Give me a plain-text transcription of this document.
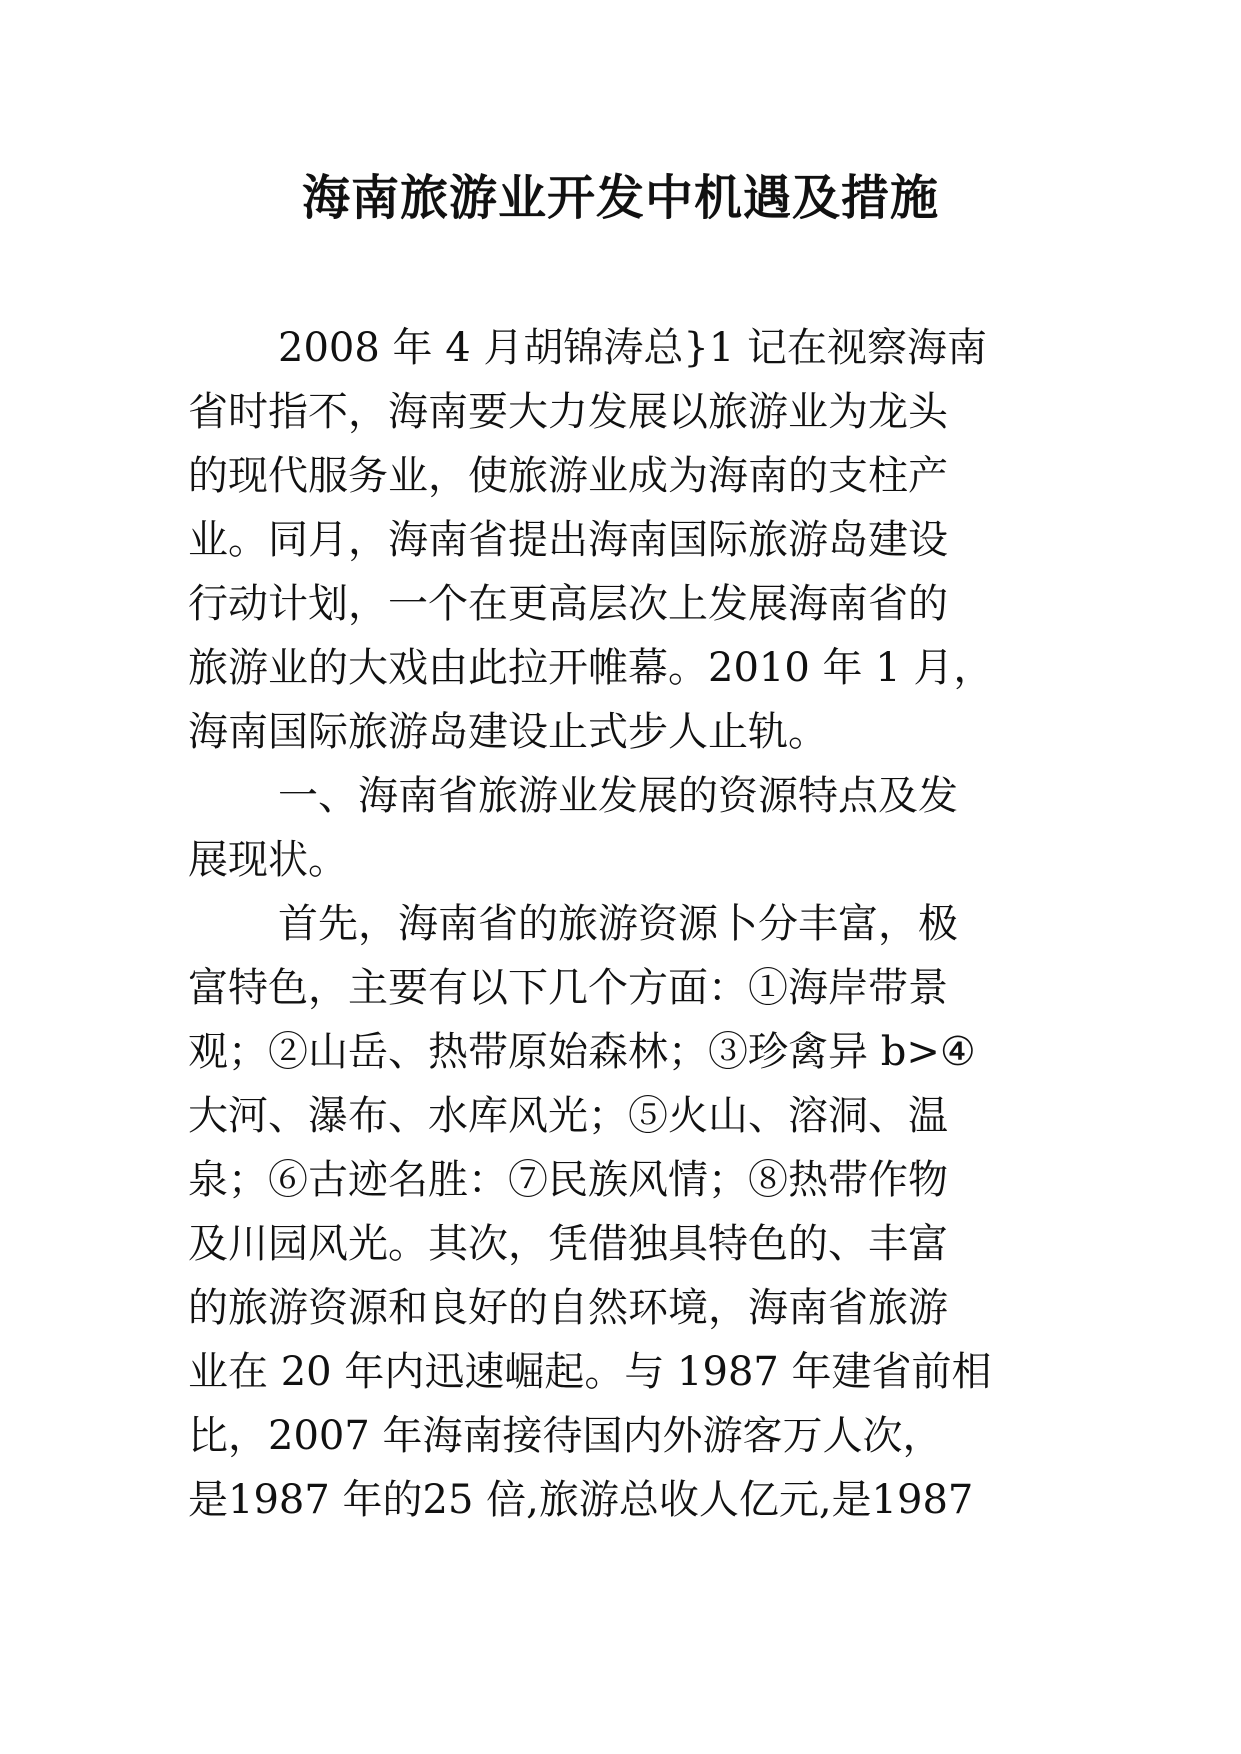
海南旅游业开发中机遇及措施
2008 年 4 月胡锦涛总}1 记在视察海南
省时指不，海南要大力发展以旅游业为龙头
的现代服务业，使旅游业成为海南的支柱产
业。同月，海南省提出海南国际旅游岛建设
行动计划，一个在更高层次上发展海南省的
旅游业的大戏由此拉开帷幕。2010 年 1 月，
海南国际旅游岛建设止式步人止轨。
一、海南省旅游业发展的资源特点及发
展现状。
首先，海南省的旅游资源卜分丰富，极
富特色，主要有以下几个方面：①海岸带景
观；②山岳、热带原始森林；③珍禽异 b>④
大河、瀑布、水库风光；⑤火山、溶洞、温
泉；⑥古迹名胜：⑦民族风情；⑧热带作物
及川园风光。其次，凭借独具特色的、丰富
的旅游资源和良好的自然环境，海南省旅游
业在 20 年内迅速崛起。与 1987 年建省前相
比，2007 年海南接待国内外游客万人次，
是1987 年的25 倍,旅游总收人亿元,是1987
